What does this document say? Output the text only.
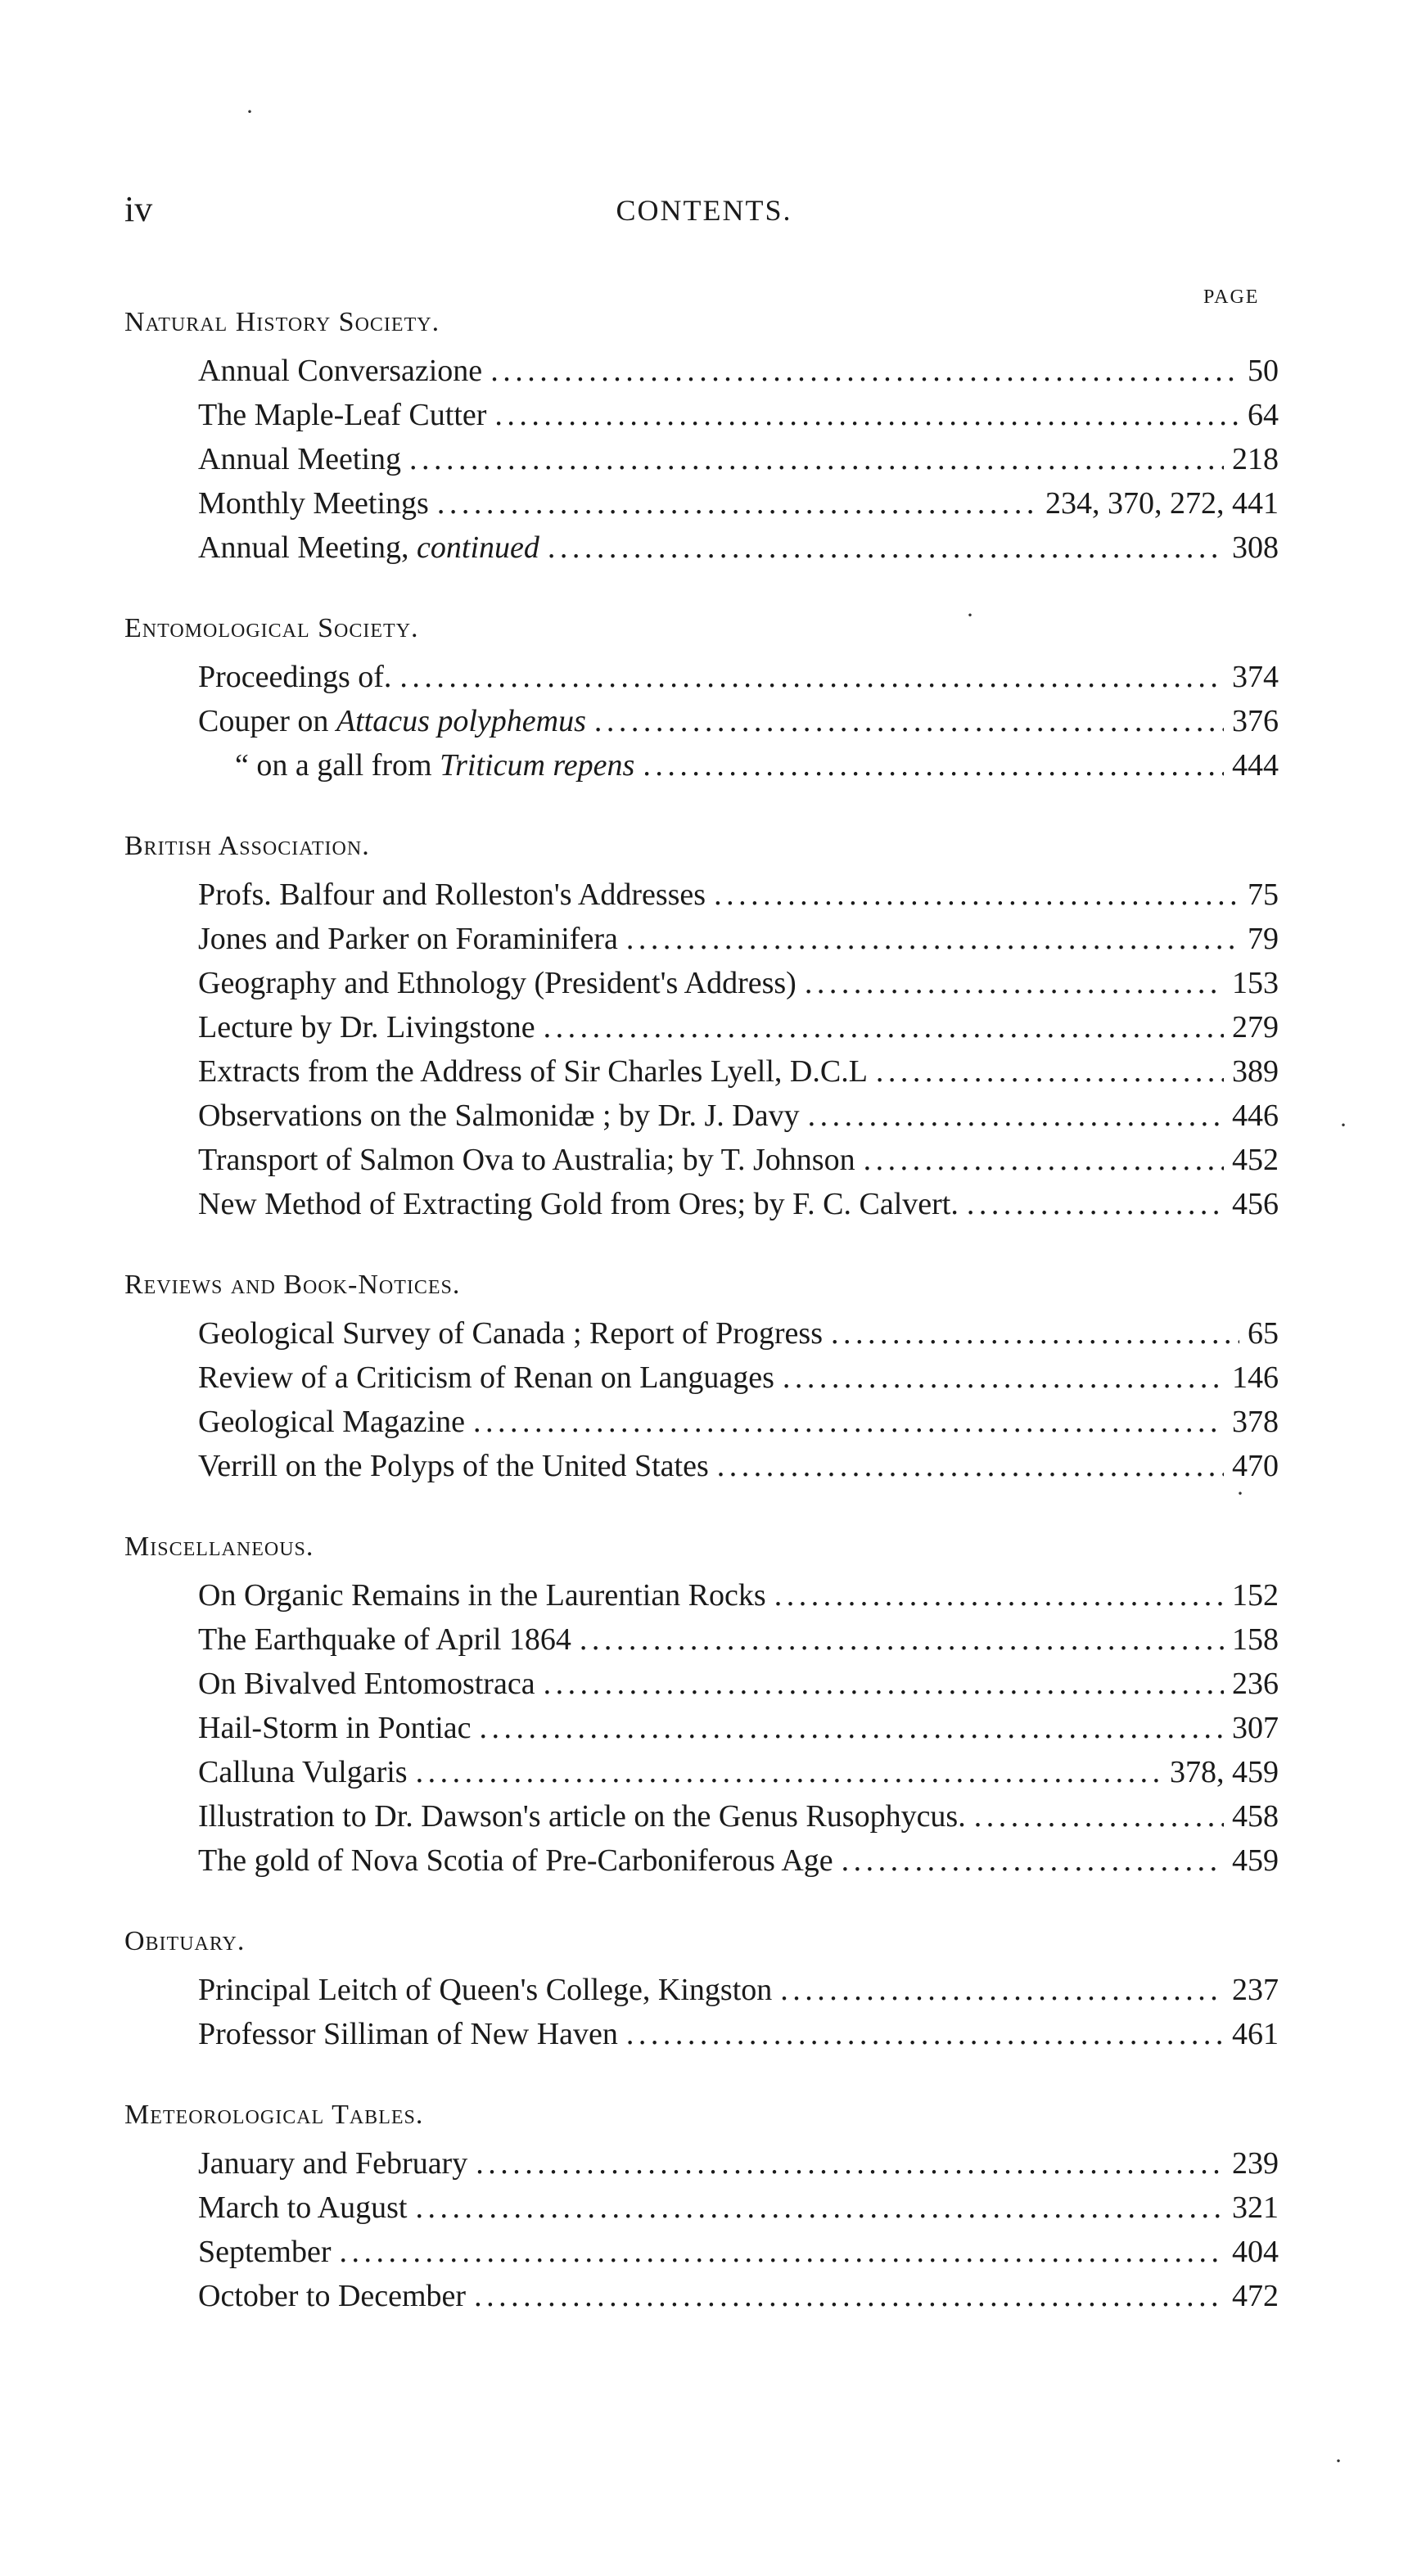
iv	CONTENTS.
PAGE
Natural History Society.
Annual Conversazione . . .	50
The Maple-Leaf Cutter . . .	64
Annual Meeting . . .	218
Monthly Meetings . . .	234, 370, 272, 441
Annual Meeting, continued . . .	308
Entomological Society.
Proceedings of. . . .	374
Couper on Attacus polyphemus . . .	376
“ on a gall from Triticum repens . . .	444
British Association.
Profs. Balfour and Rolleston's Addresses . . .	75
Jones and Parker on Foraminifera . . .	79
Geography and Ethnology (President's Address) . . .	153
Lecture by Dr. Livingstone . . .	279
Extracts from the Address of Sir Charles Lyell, D.C.L . . .	389
Observations on the Salmonidæ ; by Dr. J. Davy . . .	446
Transport of Salmon Ova to Australia; by T. Johnson . . .	452
New Method of Extracting Gold from Ores; by F. C. Calvert. . . .	456
Reviews and Book-Notices.
Geological Survey of Canada ; Report of Progress . . .	65
Review of a Criticism of Renan on Languages . . .	146
Geological Magazine . . .	378
Verrill on the Polyps of the United States . . .	470
Miscellaneous.
On Organic Remains in the Laurentian Rocks . . .	152
The Earthquake of April 1864 . . .	158
On Bivalved Entomostraca . . .	236
Hail-Storm in Pontiac . . .	307
Calluna Vulgaris . . .	378, 459
Illustration to Dr. Dawson's article on the Genus Rusophycus. . . .	458
The gold of Nova Scotia of Pre-Carboniferous Age . . .	459
Obituary.
Principal Leitch of Queen's College, Kingston . . .	237
Professor Silliman of New Haven . . .	461
Meteorological Tables.
January and February . . .	239
March to August . . .	321
September . . .	404
October to December . . .	472
·
·
·
·
·
